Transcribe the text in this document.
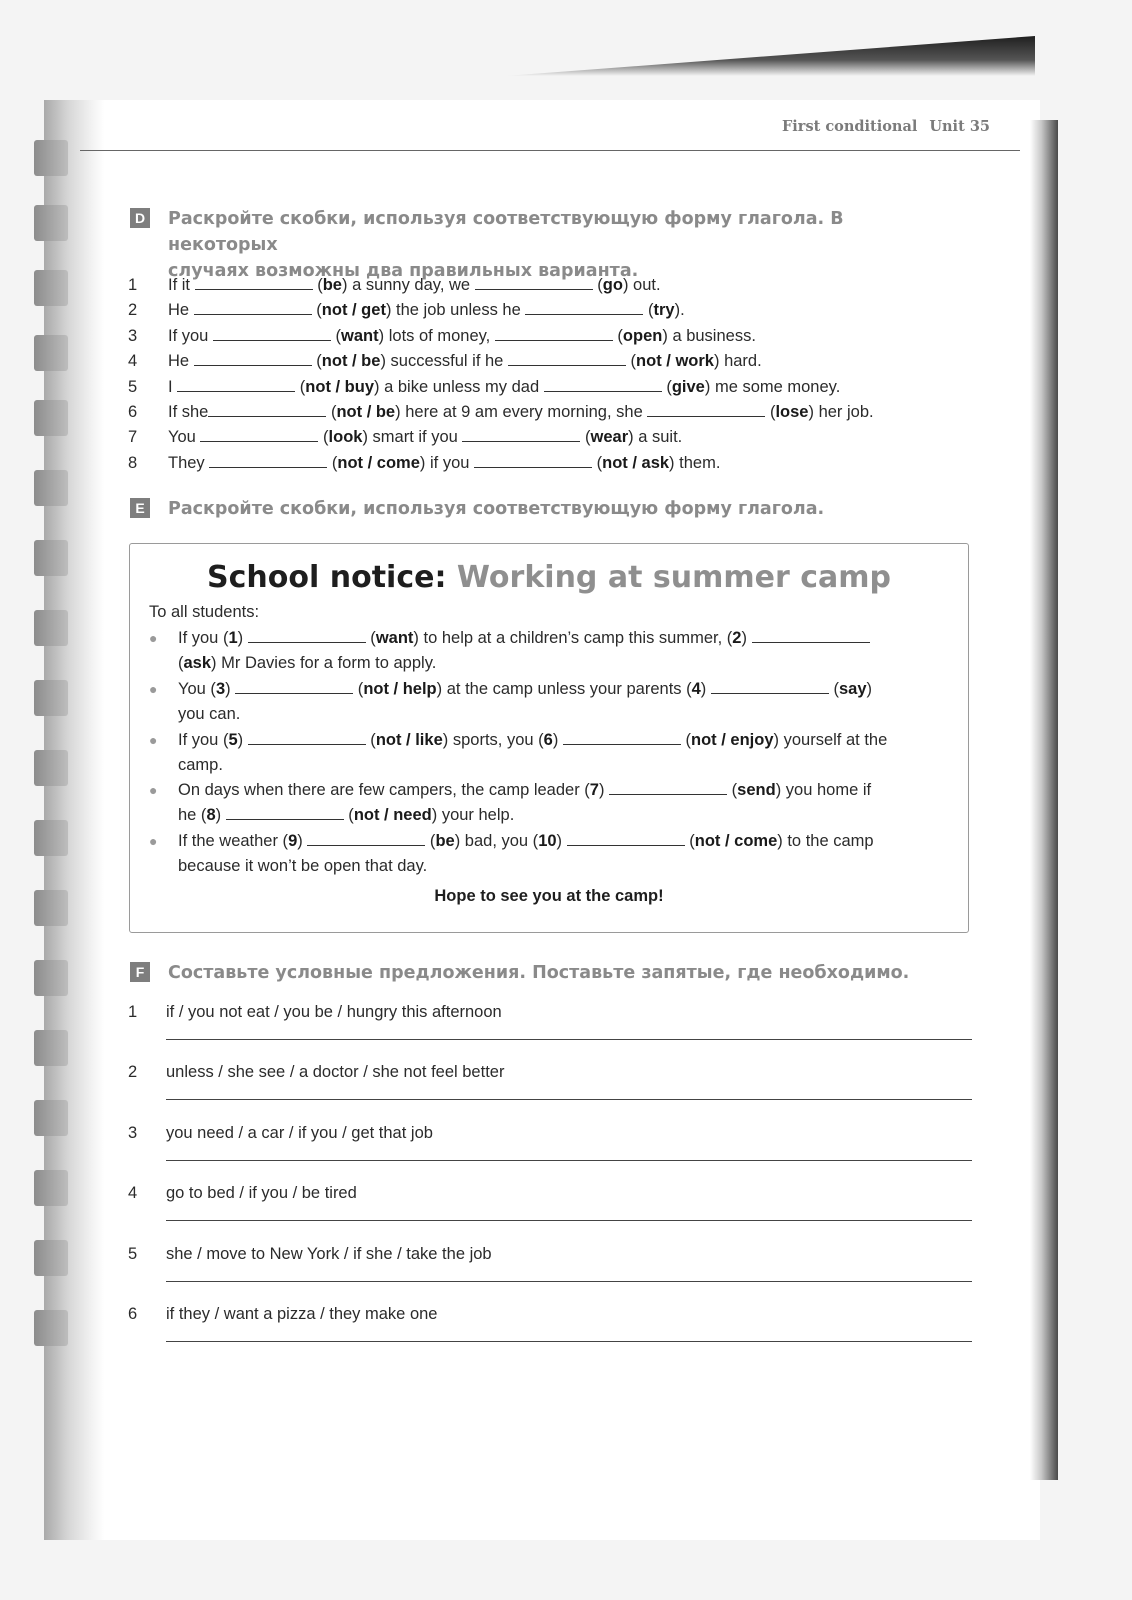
First conditional Unit 35
D Раскройте скобки, используя соответствующую форму глагола. В некоторых
случаях возможны два правильных варианта.
1	If it	(be) a sunny day, we	(go) out.
2	He	(not / get) the job unless he	(try).
3	If you	(want) lots of money,	(open) a business.
4	He	(not / be) successful if he	(not / work) hard.
5	I	(not / buy) a bike unless my dad	(give) me some money.
6	If she	(not / be) here at 9 am every morning, she	(lose) her job.
7	You	(look) smart if you	(wear) a suit.
8	They	(not / come) if you	(not / ask) them.
E	Раскройте скобки, используя соответствующую форму глагола.
School notice: Working at summer camp
To all students:
● If you (1)	(want) to help at a children’s camp this summer, (2)
(ask) Mr Davies for a form to apply.
● You (3)	(not / help) at the camp unless your parents (4)	(say)
you can.
● If you (5)	(not / like) sports, you (6)	(not / enjoy) yourself at the
camp.
● On days when there are few campers, the camp leader (7)	(send) you home if
he (8)	(not / need) your help.
● If the weather (9)	(be) bad, you (10)	(not / come) to the camp
because it won’t be open that day.
Hope to see you at the camp!
F	Составьте условные предложения. Поставьте запятые, где необходимо.
1 if / you not eat / you be / hungry this afternoon
2 unless / she see / a doctor / she not feel better
3 you need / a car / if you / get that job
4 go to bed / if you / be tired
5 she / move to New York / if she / take the job
6 if they / want a pizza / they make one
